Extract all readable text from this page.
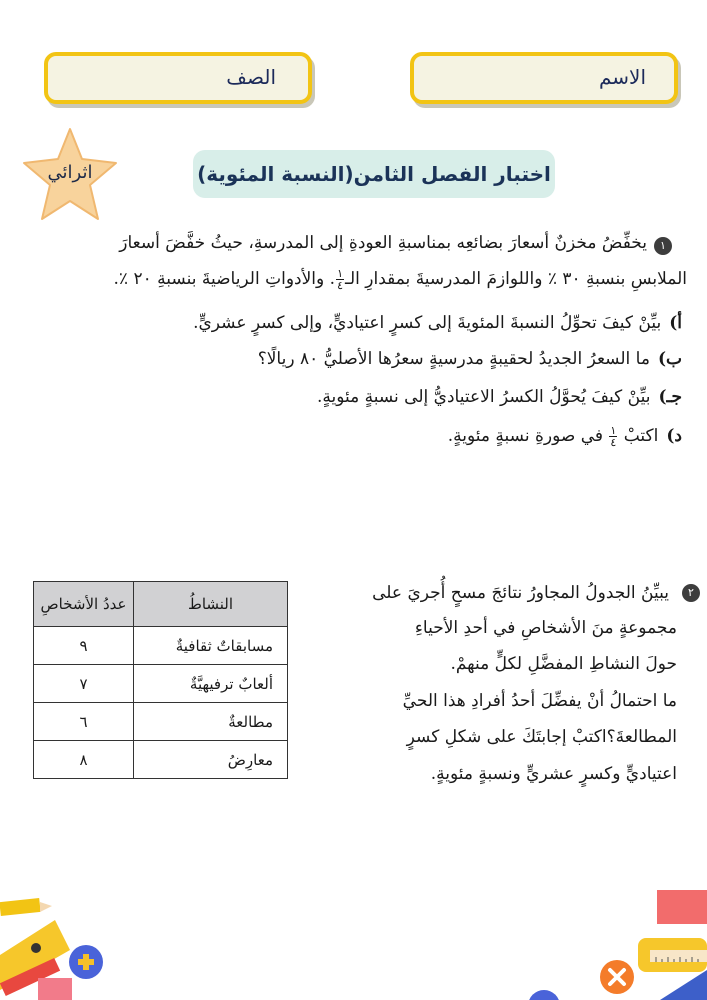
الاسم
الصف
اثرائي	اختبار الفصل الثامن(النسبة المئوية)
١
يخفِّضُ مخزنٌ أسعارَ بضائعِه بمناسبةِ العودةِ إلى المدرسةِ، حيثُ خفَّضَ أسعارَ
الملابسِ بنسبةِ ٣٠ ٪ واللوازمَ المدرسيةَ بمقدارِ الـ
$\frac{١}{٤}$
. والأدواتِ الرياضيةَ بنسبةِ ٢٠ ٪.
أ)بيِّنْ كيفَ تحوِّلُ النسبةَ المئويةَ إلى كسرٍ اعتياديٍّ، وإلى كسرٍ عشريٍّ.
ب)ما السعرُ الجديدُ لحقيبةٍ مدرسيةٍ سعرُها الأصليُّ ٨٠ ريالًا؟
جـ)بيِّنْ كيفَ يُحوَّلُ الكسرُ الاعتياديُّ إلى نسبةٍ مئويةٍ.
د)اكتبْ
$\frac{١}{٤}$
في صورةِ نسبةٍ مئويةٍ.
٢
يبيِّنُ الجدولُ المجاورُ نتائجَ مسحٍ أُجريَ على
مجموعةٍ منَ الأشخاصِ في أحدِ الأحياءِ
حولَ النشاطِ المفضَّلِ لكلٍّ منهمْ.
ما احتمالُ أنْ يفضِّلَ أحدُ أفرادِ هذا الحيِّ
المطالعةَ؟اكتبْ إجابتَكَ على شكلِ كسرٍ
اعتياديٍّ وكسرٍ عشريٍّ ونسبةٍ مئويةٍ.
النشاطُ	عددُ الأشخاصِ
مسابقاتٌ ثقافيةٌ	٩
ألعابٌ ترفيهيَّةٌ	٧
مطالعةٌ	٦
معارِضُ	٨
